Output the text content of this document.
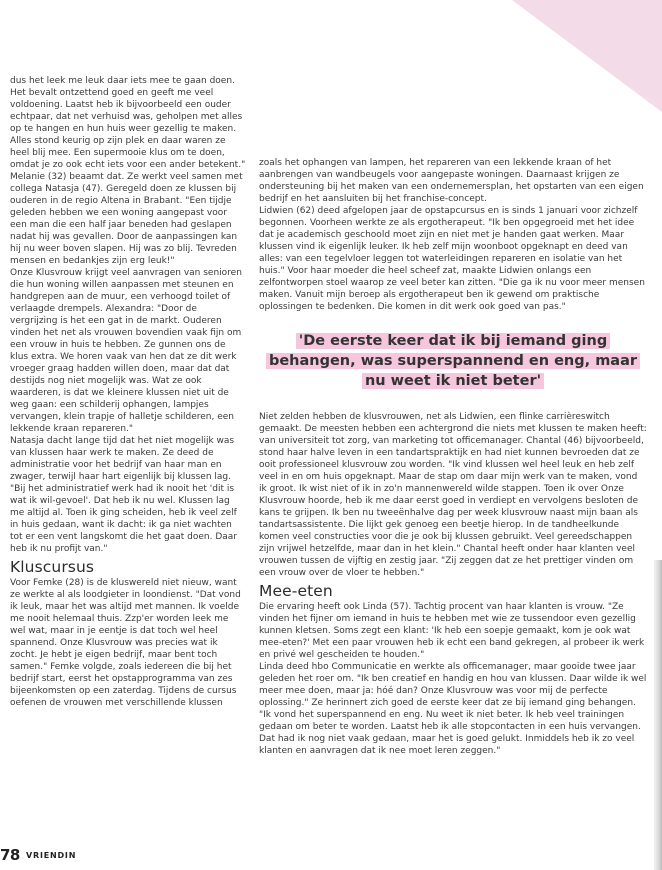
dus het leek me leuk daar iets mee te gaan doen. Het bevalt ontzettend goed en geeft me veel voldoening. Laatst heb ik bijvoorbeeld een ouder echtpaar, dat net verhuisd was, geholpen met alles op te hangen en hun huis weer gezellig te maken. Alles stond keurig op zijn plek en daar waren ze heel blij mee. Een supermooie klus om te doen, omdat je zo ook echt iets voor een ander betekent."

Melanie (32) beaamt dat. Ze werkt veel samen met collega Natasja (47). Geregeld doen ze klussen bij ouderen in de regio Altena in Brabant. "Een tijdje geleden hebben we een woning aangepast voor een man die een half jaar beneden had geslapen nadat hij was gevallen. Door de aanpassingen kan hij nu weer boven slapen. Hij was zo blij. Tevreden mensen en bedankjes zijn erg leuk!"

Onze Klusvrouw krijgt veel aanvragen van senioren die hun woning willen aanpassen met steunen en handgrepen aan de muur, een verhoogd toilet of verlaagde drempels. Alexandra: "Door de vergrijzing is het een gat in de markt. Ouderen vinden het net als vrouwen bovendien vaak fijn om een vrouw in huis te hebben. Ze gunnen ons de klus extra. We horen vaak van hen dat ze dit werk vroeger graag hadden willen doen, maar dat dat destijds nog niet mogelijk was. Wat ze ook waarderen, is dat we kleinere klussen niet uit de weg gaan: een schilderij ophangen, lampjes vervangen, klein trapje of halletje schilderen, een lekkende kraan repareren."

Natasja dacht lange tijd dat het niet mogelijk was van klussen haar werk te maken. Ze deed de administratie voor het bedrijf van haar man en zwager, terwijl haar hart eigenlijk bij klussen lag. "Bij het administratief werk had ik nooit het 'dit is wat ik wil-gevoel'. Dat heb ik nu wel. Klussen lag me altijd al. Toen ik ging scheiden, heb ik veel zelf in huis gedaan, want ik dacht: ik ga niet wachten tot er een vent langskomt die het gaat doen. Daar heb ik nu profijt van."

Kluscursus

Voor Femke (28) is de kluswereld niet nieuw, want ze werkte al als loodgieter in loondienst. "Dat vond ik leuk, maar het was altijd met mannen. Ik voelde me nooit helemaal thuis. Zzp'er worden leek me wel wat, maar in je eentje is dat toch wel heel spannend. Onze Klusvrouw was precies wat ik zocht. Je hebt je eigen bedrijf, maar bent toch samen." Femke volgde, zoals iedereen die bij het bedrijf start, eerst het opstapprogramma van zes bijeenkomsten op een zaterdag. Tijdens de cursus oefenen de vrouwen met verschillende klussen

zoals het ophangen van lampen, het repareren van een lekkende kraan of het aanbrengen van wandbeugels voor aangepaste woningen. Daarnaast krijgen ze ondersteuning bij het maken van een ondernemersplan, het opstarten van een eigen bedrijf en het aansluiten bij het franchise-concept.

Lidwien (62) deed afgelopen jaar de opstapcursus en is sinds 1 januari voor zichzelf begonnen. Voorheen werkte ze als ergotherapeut. "Ik ben opgegroeid met het idee dat je academisch geschoold moet zijn en niet met je handen gaat werken. Maar klussen vind ik eigenlijk leuker. Ik heb zelf mijn woonboot opgeknapt en deed van alles: van een tegelvloer leggen tot waterleidingen repareren en isolatie van het huis." Voor haar moeder die heel scheef zat, maakte Lidwien onlangs een zelfontworpen stoel waarop ze veel beter kan zitten. "Die ga ik nu voor meer mensen maken. Vanuit mijn beroep als ergotherapeut ben ik gewend om praktische oplossingen te bedenken. Die komen in dit werk ook goed van pas."

'De eerste keer dat ik bij iemand ging behangen, was superspannend en eng, maar nu weet ik niet beter'

Niet zelden hebben de klusvrouwen, net als Lidwien, een flinke carrièreswitch gemaakt. De meesten hebben een achtergrond die niets met klussen te maken heeft: van universiteit tot zorg, van marketing tot officemanager. Chantal (46) bijvoorbeeld, stond haar halve leven in een tandartspraktijk en had niet kunnen bevroeden dat ze ooit professioneel klusvrouw zou worden. "Ik vind klussen wel heel leuk en heb zelf veel in en om huis opgeknapt. Maar de stap om daar mijn werk van te maken, vond ik groot. Ik wist niet of ik in zo'n mannenwereld wilde stappen. Toen ik over Onze Klusvrouw hoorde, heb ik me daar eerst goed in verdiept en vervolgens besloten de kans te grijpen. Ik ben nu tweeënhalve dag per week klusvrouw naast mijn baan als tandartsassistente. Die lijkt gek genoeg een beetje hierop. In de tandheelkunde komen veel constructies voor die je ook bij klussen gebruikt. Veel gereedschappen zijn vrijwel hetzelfde, maar dan in het klein." Chantal heeft onder haar klanten veel vrouwen tussen de vijftig en zestig jaar. "Zij zeggen dat ze het prettiger vinden om een vrouw over de vloer te hebben."

Mee-eten

Die ervaring heeft ook Linda (57). Tachtig procent van haar klanten is vrouw. "Ze vinden het fijner om iemand in huis te hebben met wie ze tussendoor even gezellig kunnen kletsen. Soms zegt een klant: 'Ik heb een soepje gemaakt, kom je ook wat mee-eten?' Met een paar vrouwen heb ik echt een band gekregen, al probeer ik werk en privé wel gescheiden te houden."

Linda deed hbo Communicatie en werkte als officemanager, maar gooide twee jaar geleden het roer om. "Ik ben creatief en handig en hou van klussen. Daar wilde ik wel meer mee doen, maar ja: hóé dan? Onze Klusvrouw was voor mij de perfecte oplossing." Ze herinnert zich goed de eerste keer dat ze bij iemand ging behangen. "Ik vond het superspannend en eng. Nu weet ik niet beter. Ik heb veel trainingen gedaan om beter te worden. Laatst heb ik alle stopcontacten in een huis vervangen. Dat had ik nog niet vaak gedaan, maar het is goed gelukt. Inmiddels heb ik zo veel klanten en aanvragen dat ik nee moet leren zeggen."

78 VRIENDIN
